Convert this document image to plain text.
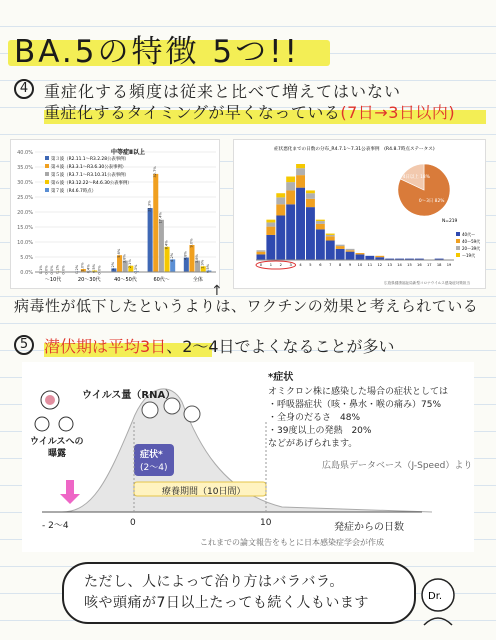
BA.5の特徴 5つ!!
4 重症化する頻度は従来と比べて増えてはいない
重症化するタイミングが早くなっている(7日→3日以内)
0.0%
5.0%
10.0%
15.0%
20.0%
25.0%
30.0%
35.0%
40.0%	中等症Ⅱ以上
0.1% 0.0% 0.0% 0.2% 0.0%
〜10代
0.2% 1.0% 0.4% 0.5% 0.0%
20〜30代
1.2%
5.6%
3.8%
2.1%
0.3%
40〜50代
21.3%
32.7%
17.4%
8.4%
4.2%
60代〜
4.8%
9.0%
3.8%
1.9% 0.5%
全体
第３波（R2.11.1〜R3.2.28公表事例）
第４波（R3.3.1〜R3.6.30公表事例）
第５波（R3.7.1〜R3.10.31公表事例）
第６波（R3.12.22〜R4.6.30公表事例）
第７波（R4.6.7時点）
症状悪化までの日数の分布_R4.7.1〜7.31公表事例　(R4.8.7時点ステータス)
0 1 2 3 4 5 6 7 8 9 10 11 12 13 14 15 16 17 18 19
0〜3日 82%
4日以上 18%
N=219
40代〜
40〜59代
20〜39代
〜19代
広島県健康福祉局新型コロナウイルス感染症対策担当
↑
病毒性が低下したというよりは、ワクチンの効果と考えられている
5 潜伏期は平均3日、2〜4日でよくなることが多い
ウイルス量（RNA）
ウイルスへの
曝露	症状*
(2〜4)
療養期間（10日間）
- 2〜4	0	10	発症からの日数
*症状
オミクロン株に感染した場合の症状としては
・呼吸器症状（咳・鼻水・喉の痛み）75%
・全身のだるさ　48%
・39度以上の発熱　20%
などがあげられます。
広島県データベース（J-Speed）より
これまでの論文報告をもとに日本感染症学会が作成
ただし、人によって治り方はバラバラ。
咳や頭痛が7日以上たっても続く人もいます	Dr.
